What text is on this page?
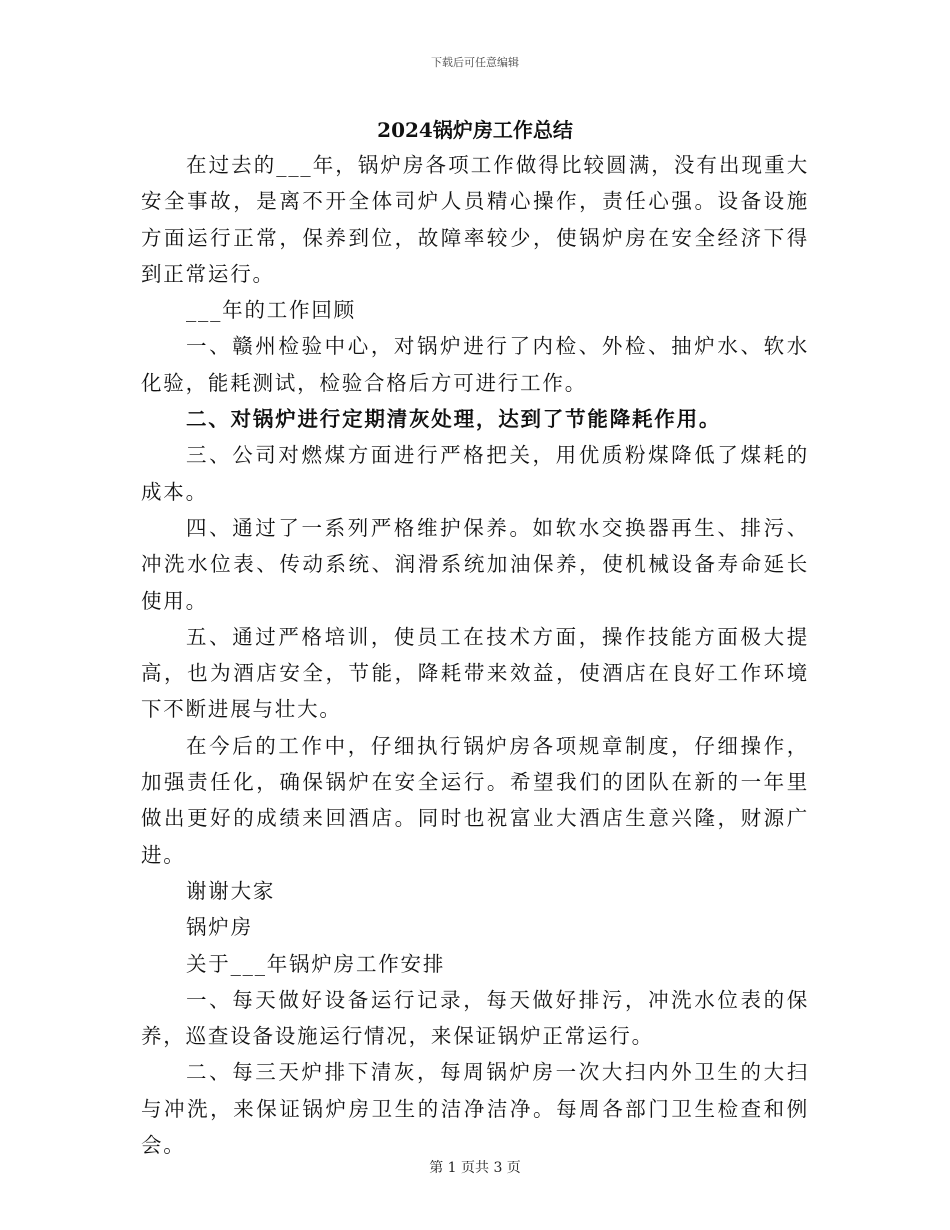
下载后可任意编辑
2024锅炉房工作总结

在过去的___年，锅炉房各项工作做得比较圆满，没有出现重大安全事故，是离不开全体司炉人员精心操作，责任心强。设备设施方面运行正常，保养到位，故障率较少，使锅炉房在安全经济下得到正常运行。

___年的工作回顾

一、赣州检验中心，对锅炉进行了内检、外检、抽炉水、软水化验，能耗测试，检验合格后方可进行工作。

二、对锅炉进行定期清灰处理，达到了节能降耗作用。

三、公司对燃煤方面进行严格把关，用优质粉煤降低了煤耗的成本。

四、通过了一系列严格维护保养。如软水交换器再生、排污、冲洗水位表、传动系统、润滑系统加油保养，使机械设备寿命延长使用。

五、通过严格培训，使员工在技术方面，操作技能方面极大提高，也为酒店安全，节能，降耗带来效益，使酒店在良好工作环境下不断进展与壮大。

在今后的工作中，仔细执行锅炉房各项规章制度，仔细操作，加强责任化，确保锅炉在安全运行。希望我们的团队在新的一年里做出更好的成绩来回酒店。同时也祝富业大酒店生意兴隆，财源广进。

谢谢大家

锅炉房

关于___年锅炉房工作安排

一、每天做好设备运行记录，每天做好排污，冲洗水位表的保养，巡查设备设施运行情况，来保证锅炉正常运行。

二、每三天炉排下清灰，每周锅炉房一次大扫内外卫生的大扫与冲洗，来保证锅炉房卫生的洁净洁净。每周各部门卫生检查和例会。

第 1 页共 3 页
